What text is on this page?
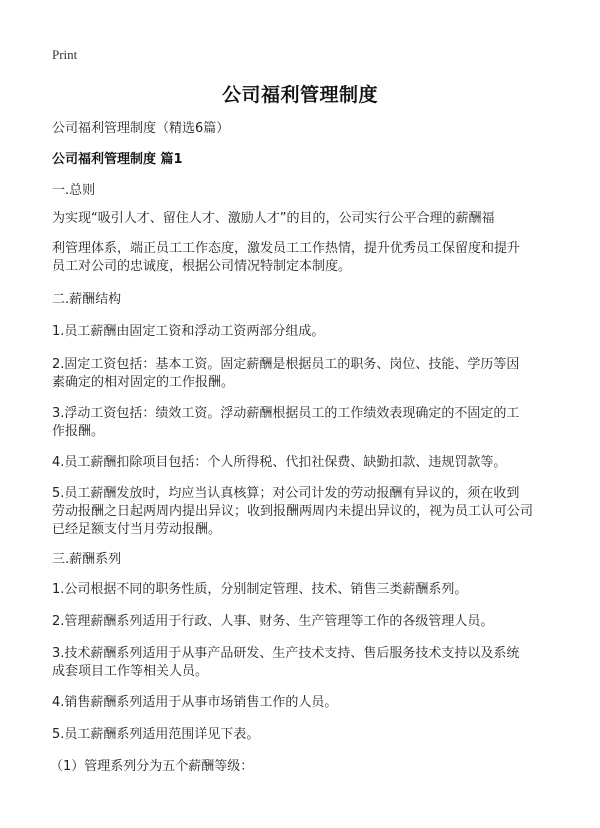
Print
公司福利管理制度
公司福利管理制度（精选6篇）
公司福利管理制度 篇1
一.总则
为实现“吸引人才、留住人才、激励人才”的目的，公司实行公平合理的薪酬福
利管理体系，端正员工工作态度，激发员工工作热情，提升优秀员工保留度和提升
员工对公司的忠诚度，根据公司情况特制定本制度。
二.薪酬结构
1.员工薪酬由固定工资和浮动工资两部分组成。
2.固定工资包括：基本工资。固定薪酬是根据员工的职务、岗位、技能、学历等因
素确定的相对固定的工作报酬。
3.浮动工资包括：绩效工资。浮动薪酬根据员工的工作绩效表现确定的不固定的工
作报酬。
4.员工薪酬扣除项目包括：个人所得税、代扣社保费、缺勤扣款、违规罚款等。
5.员工薪酬发放时，均应当认真核算；对公司计发的劳动报酬有异议的，须在收到
劳动报酬之日起两周内提出异议；收到报酬两周内未提出异议的，视为员工认可公司
已经足额支付当月劳动报酬。
三.薪酬系列
1.公司根据不同的职务性质，分别制定管理、技术、销售三类薪酬系列。
2.管理薪酬系列适用于行政、人事、财务、生产管理等工作的各级管理人员。
3.技术薪酬系列适用于从事产品研发、生产技术支持、售后服务技术支持以及系统
成套项目工作等相关人员。
4.销售薪酬系列适用于从事市场销售工作的人员。
5.员工薪酬系列适用范围详见下表。
（1）管理系列分为五个薪酬等级：
